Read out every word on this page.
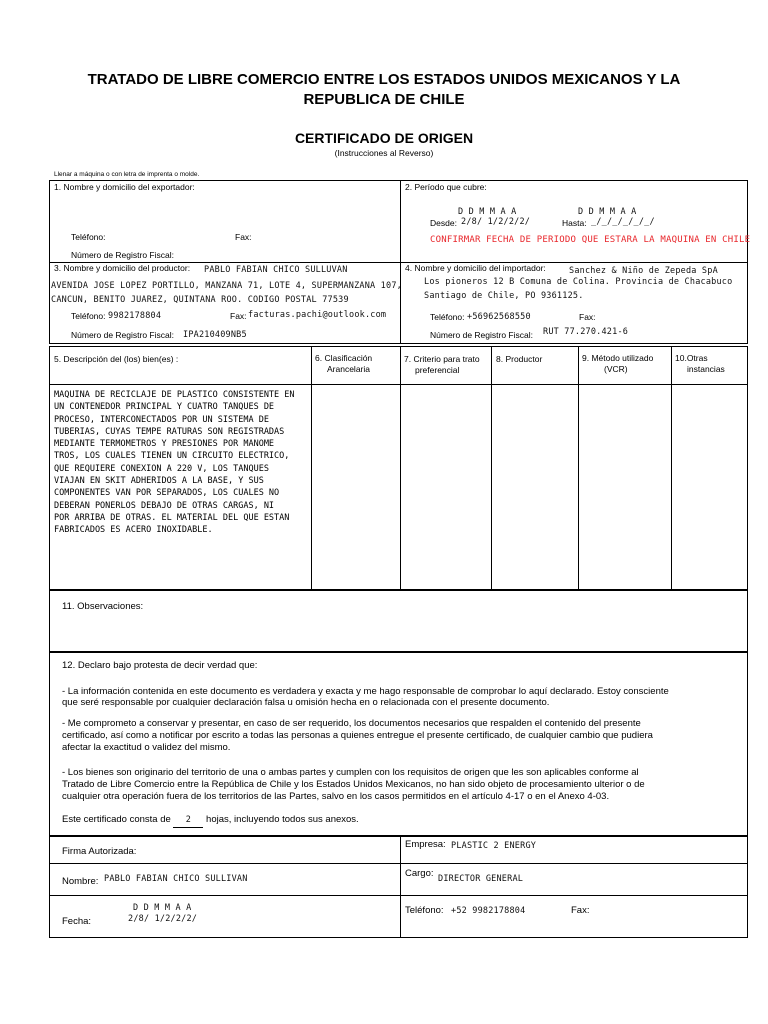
TRATADO DE LIBRE COMERCIO ENTRE LOS ESTADOS UNIDOS MEXICANOS Y LA
REPUBLICA DE CHILE
CERTIFICADO DE ORIGEN
(Instrucciones al Reverso)
Llenar a máquina o con letra de imprenta o molde.
1. Nombre y domicilio del exportador:
Teléfono:	Fax:
Número de Registro Fiscal:
2. Período que cubre:
D D M M A A	D D M M A A
Desde: 2/8/ 1/2/2/2/	Hasta: _/_/_/_/_/_/
CONFIRMAR FECHA DE PERIODO QUE ESTARA LA MAQUINA EN CHILE
3. Nombre y domicilio del productor: PABLO FABIAN CHICO SULLUVAN
AVENIDA JOSE LOPEZ PORTILLO, MANZANA 71, LOTE 4, SUPERMANZANA 107,
CANCUN, BENITO JUAREZ, QUINTANA ROO. CODIGO POSTAL 77539
Teléfono: 9982178804	Fax: facturas.pachi@outlook.com
Número de Registro Fiscal: IPA210409NB5
4. Nombre y domicilio del importador:	Sanchez & Niño de Zepeda SpA
Los pioneros 12 B Comuna de Colina. Provincia de Chacabuco
Santiago de Chile, PO 9361125.
Teléfono: +56962568550	Fax:
Número de Registro Fiscal: RUT 77.270.421-6
5. Descripción del (los) bien(es) :	6. Clasificación
Arancelaria
7. Criterio para trato
preferencial
8. Productor	9. Método utilizado
(VCR)
10.Otras
instancias
MAQUINA DE RECICLAJE DE PLASTICO CONSISTENTE EN
UN CONTENEDOR PRINCIPAL Y CUATRO TANQUES DE
PROCESO, INTERCONECTADOS POR UN SISTEMA DE
TUBERIAS, CUYAS TEMPE RATURAS SON REGISTRADAS
MEDIANTE TERMOMETROS Y PRESIONES POR MANOME
TROS, LOS CUALES TIENEN UN CIRCUITO ELECTRICO,
QUE REQUIERE CONEXION A 220 V, LOS TANQUES
VIAJAN EN SKIT ADHERIDOS A LA BASE, Y SUS
COMPONENTES VAN POR SEPARADOS, LOS CUALES NO
DEBERAN PONERLOS DEBAJO DE OTRAS CARGAS, NI
POR ARRIBA DE OTRAS. EL MATERIAL DEL QUE ESTAN
FABRICADOS ES ACERO INOXIDABLE.
11. Observaciones:
12. Declaro bajo protesta de decir verdad que:
- La información contenida en este documento es verdadera y exacta y me hago responsable de comprobar lo aquí declarado. Estoy consciente
que seré responsable por cualquier declaración falsa u omisión hecha en o relacionada con el presente documento.
- Me comprometo a conservar y presentar, en caso de ser requerido, los documentos necesarios que respalden el contenido del presente
certificado, así como a notificar por escrito a todas las personas a quienes entregue el presente certificado, de cualquier cambio que pudiera
afectar la exactitud o validez del mismo.
- Los bienes son originario del territorio de una o ambas partes y cumplen con los requisitos de origen que les son aplicables conforme al
Tratado de Libre Comercio entre la República de Chile y los Estados Unidos Mexicanos, no han sido objeto de procesamiento ulterior o de
cualquier otra operación fuera de los territorios de las Partes, salvo en los casos permitidos en el artículo 4-17 o en el Anexo 4-03.
Este certificado consta de 2 hojas, incluyendo todos sus anexos.
Firma Autorizada:
Empresa: PLASTIC 2 ENERGY
Nombre: PABLO FABIAN CHICO SULLIVAN	Cargo: DIRECTOR GENERAL
D D M M A A
Fecha:	2/8/ 1/2/2/2/
Teléfono: +52 9982178804	Fax:
